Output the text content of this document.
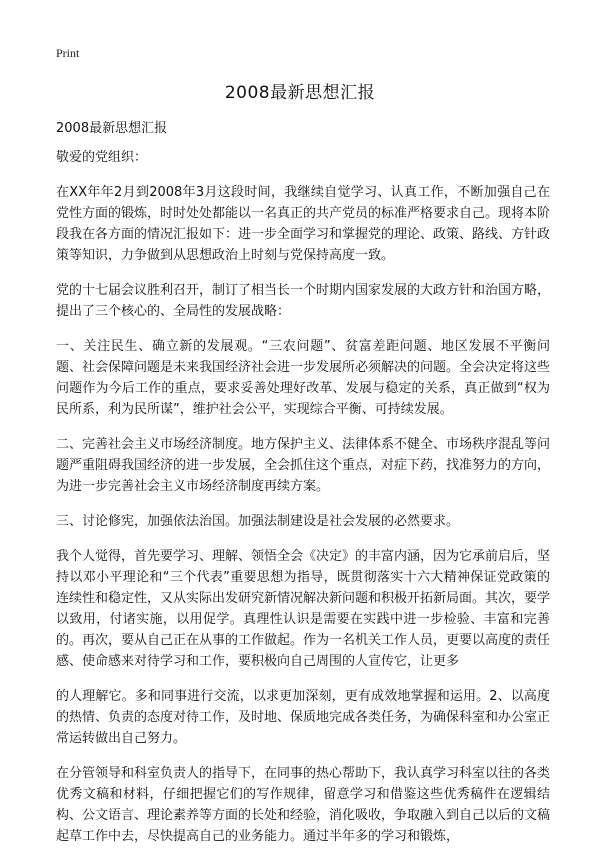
Print
2008最新思想汇报

2008最新思想汇报

敬爱的党组织：

在XX年年2月到2008年3月这段时间，我继续自觉学习、认真工作，不断加强自己在党性方面的锻炼，时时处处都能以一名真正的共产党员的标准严格要求自己。现将本阶段我在各方面的情况汇报如下：进一步全面学习和掌握党的理论、政策、路线、方针政策等知识，力争做到从思想政治上时刻与党保持高度一致。

党的十七届会议胜利召开，制订了相当长一个时期内国家发展的大政方针和治国方略，提出了三个核心的、全局性的发展战略：

一、关注民生、确立新的发展观。“三农问题”、贫富差距问题、地区发展不平衡问题、社会保障问题是未来我国经济社会进一步发展所必须解决的问题。全会决定将这些问题作为今后工作的重点，要求妥善处理好改革、发展与稳定的关系，真正做到“权为民所系，利为民所谋”，维护社会公平，实现综合平衡、可持续发展。

二、完善社会主义市场经济制度。地方保护主义、法律体系不健全、市场秩序混乱等问题严重阻碍我国经济的进一步发展，全会抓住这个重点，对症下药，找准努力的方向，为进一步完善社会主义市场经济制度再续方案。

三、讨论修宪，加强依法治国。加强法制建设是社会发展的必然要求。

我个人觉得，首先要学习、理解、领悟全会《决定》的丰富内涵，因为它承前启后，坚持以邓小平理论和“三个代表”重要思想为指导，既贯彻落实十六大精神保证党政策的连续性和稳定性，又从实际出发研究新情况解决新问题和积极开拓新局面。其次，要学以致用，付诸实施，以用促学。真理性认识是需要在实践中进一步检验、丰富和完善的。再次，要从自己正在从事的工作做起。作为一名机关工作人员，更要以高度的责任感、使命感来对待学习和工作，要积极向自己周围的人宣传它，让更多

的人理解它。多和同事进行交流，以求更加深刻，更有成效地掌握和运用。2、以高度的热情、负责的态度对待工作，及时地、保质地完成各类任务，为确保科室和办公室正常运转做出自己努力。

在分管领导和科室负责人的指导下，在同事的热心帮助下，我认真学习科室以往的各类优秀文稿和材料，仔细把握它们的写作规律，留意学习和借鉴这些优秀稿件在逻辑结构、公文语言、理论素养等方面的长处和经验，消化吸收，争取融入到自己以后的文稿起草工作中去，尽快提高自己的业务能力。通过半年多的学习和锻炼，
